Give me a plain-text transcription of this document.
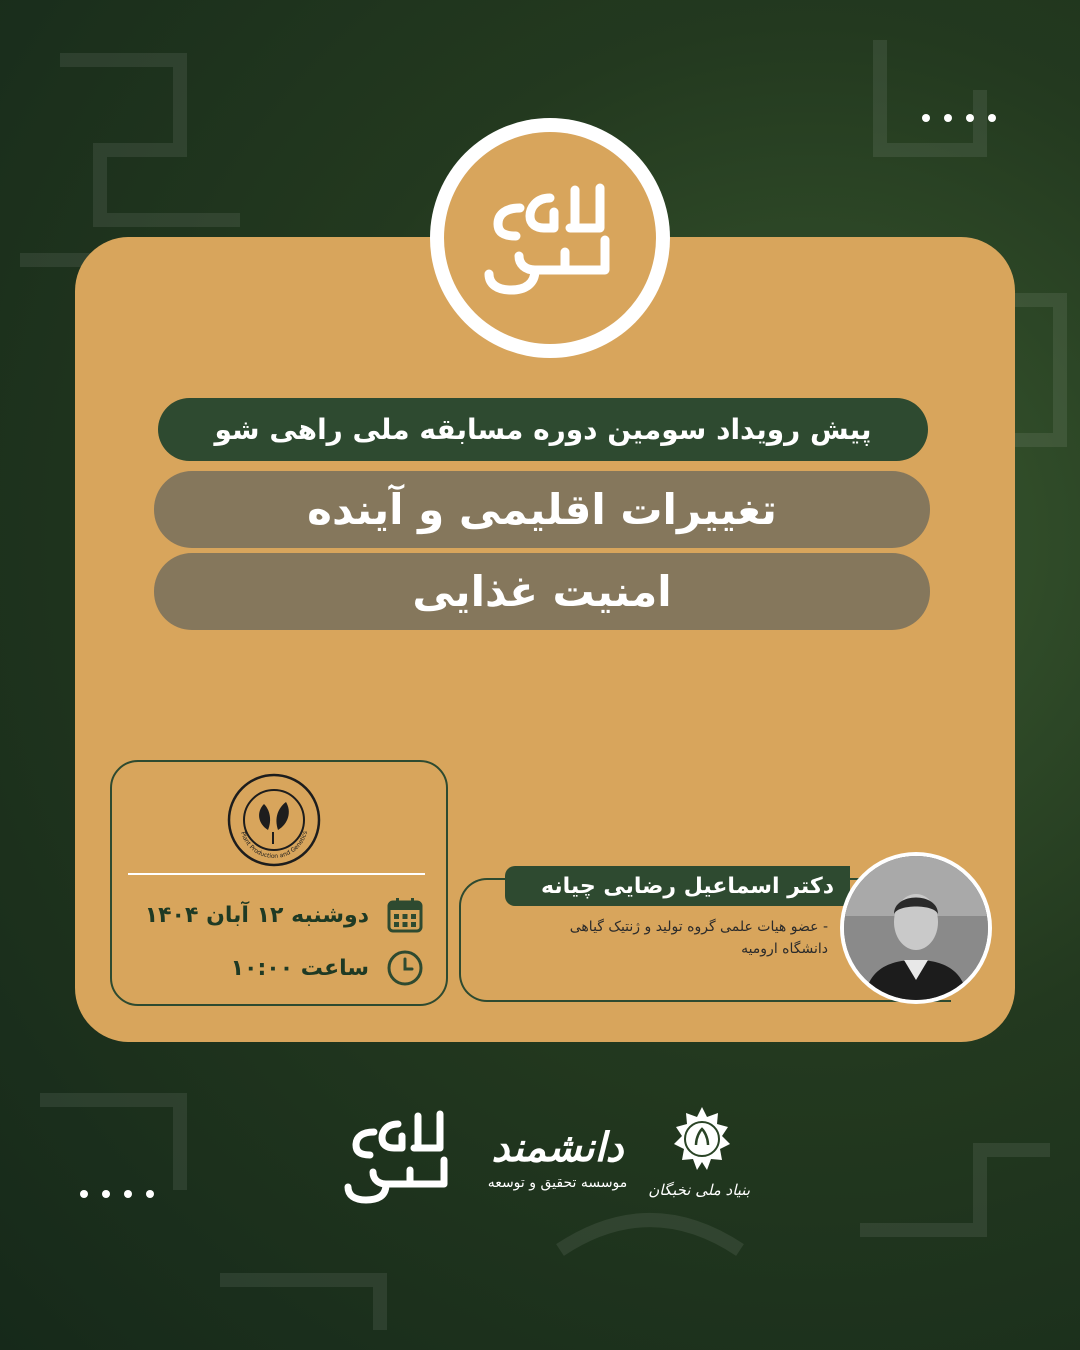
پیش رویداد سومین دوره مسابقه ملی راهی شو
تغییرات اقلیمی و آینده
امنیت غذایی
Plant Production and Genetics
دوشنبه ۱۲ آبان ۱۴۰۴
ساعت ۱۰:۰۰
دکتر اسماعیل رضایی چیانه
- عضو هیات علمی گروه تولید و ژنتیک گیاهی
دانشگاه ارومیه
دانشمند
موسسه تحقیق و توسعه	بنیاد ملی نخبگان
